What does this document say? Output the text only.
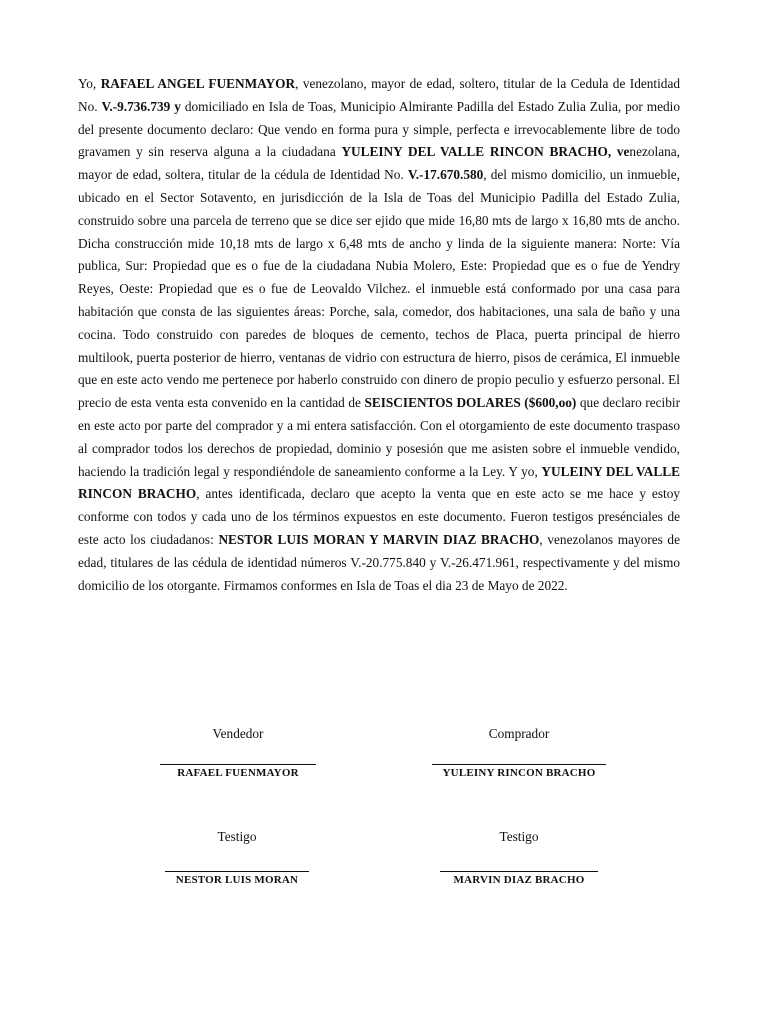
Yo, RAFAEL ANGEL FUENMAYOR, venezolano, mayor de edad, soltero, titular de la Cedula de Identidad No. V.-9.736.739 y domiciliado en Isla de Toas, Municipio Almirante Padilla del Estado Zulia Zulia, por medio del presente documento declaro: Que vendo en forma pura y simple, perfecta e irrevocablemente libre de todo gravamen y sin reserva alguna a la ciudadana YULEINY DEL VALLE RINCON BRACHO, venezolana, mayor de edad, soltera, titular de la cédula de Identidad No. V.-17.670.580, del mismo domicilio, un inmueble, ubicado en el Sector Sotavento, en jurisdicción de la Isla de Toas del Municipio Padilla del Estado Zulia, construido sobre una parcela de terreno que se dice ser ejido que mide 16,80 mts de largo x 16,80 mts de ancho. Dicha construcción mide 10,18 mts de largo x 6,48 mts de ancho y linda de la siguiente manera: Norte: Vía publica, Sur: Propiedad que es o fue de la ciudadana Nubia Molero, Este: Propiedad que es o fue de Yendry Reyes, Oeste: Propiedad que es o fue de Leovaldo Vilchez. el inmueble está conformado por una casa para habitación que consta de las siguientes áreas: Porche, sala, comedor, dos habitaciones, una sala de baño y una cocina. Todo construido con paredes de bloques de cemento, techos de Placa, puerta principal de hierro multilook, puerta posterior de hierro, ventanas de vidrio con estructura de hierro, pisos de cerámica, El inmueble que en este acto vendo me pertenece por haberlo construido con dinero de propio peculio y esfuerzo personal. El precio de esta venta esta convenido en la cantidad de SEISCIENTOS DOLARES ($600,oo) que declaro recibir en este acto por parte del comprador y a mi entera satisfacción. Con el otorgamiento de este documento traspaso al comprador todos los derechos de propiedad, dominio y posesión que me asisten sobre el inmueble vendido, haciendo la tradición legal y respondiéndole de saneamiento conforme a la Ley. Y yo, YULEINY DEL VALLE RINCON BRACHO, antes identificada, declaro que acepto la venta que en este acto se me hace y estoy conforme con todos y cada uno de los términos expuestos en este documento. Fueron testigos presénciales de este acto los ciudadanos: NESTOR LUIS MORAN Y MARVIN DIAZ BRACHO, venezolanos mayores de edad, titulares de las cédula de identidad números V.-20.775.840 y V.-26.471.961, respectivamente y del mismo domicilio de los otorgante. Firmamos conformes en Isla de Toas el dia 23 de Mayo de 2022.
Vendedor
RAFAEL FUENMAYOR
Comprador
YULEINY RINCON BRACHO
Testigo
NESTOR LUIS MORAN
Testigo
MARVIN DIAZ BRACHO
